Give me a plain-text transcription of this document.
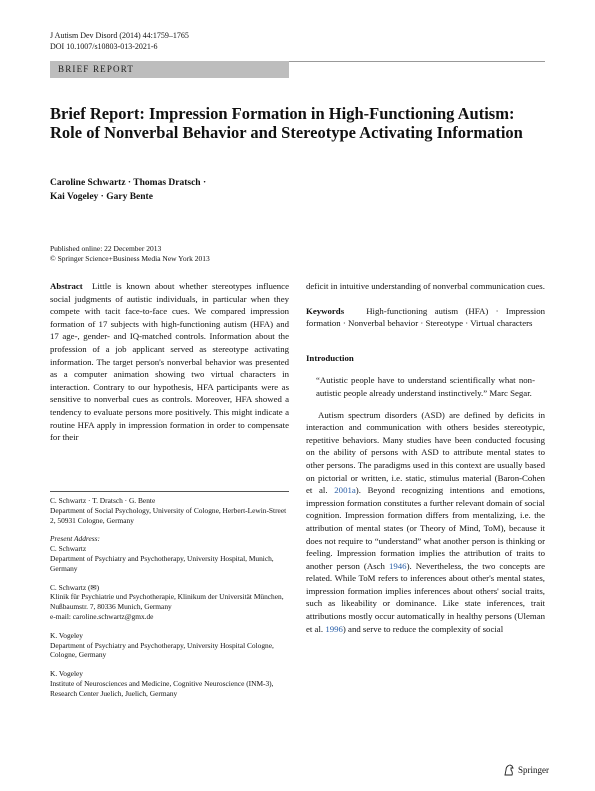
J Autism Dev Disord (2014) 44:1759–1765
DOI 10.1007/s10803-013-2021-6
BRIEF REPORT
Brief Report: Impression Formation in High-Functioning Autism: Role of Nonverbal Behavior and Stereotype Activating Information
Caroline Schwartz · Thomas Dratsch ·
Kai Vogeley · Gary Bente
Published online: 22 December 2013
© Springer Science+Business Media New York 2013

Abstract Little is known about whether stereotypes influence social judgments of autistic individuals, in particular when they compete with tacit face-to-face cues. We compared impression formation of 17 subjects with high-functioning autism (HFA) and 17 age-, gender- and IQ-matched controls. Information about the profession of a job applicant served as stereotype activating information. The target person's nonverbal behavior was presented as a computer animation showing two virtual characters in interaction. Contrary to our hypothesis, HFA participants were as sensitive to nonverbal cues as controls. Moreover, HFA showed a tendency to evaluate persons more positively. This might indicate a routine HFA apply in impression formation in order to compensate for their

C. Schwartz · T. Dratsch · G. Bente
Department of Social Psychology, University of Cologne, Herbert-Lewin-Street 2, 50931 Cologne, Germany

Present Address:
C. Schwartz
Department of Psychiatry and Psychotherapy, University Hospital, Munich, Germany

C. Schwartz (✉)
Klinik für Psychiatrie und Psychotherapie, Klinikum der Universität München, Nußbaumstr. 7, 80336 Munich, Germany
e-mail: caroline.schwartz@gmx.de

K. Vogeley
Department of Psychiatry and Psychotherapy, University Hospital Cologne, Cologne, Germany

K. Vogeley
Institute of Neurosciences and Medicine, Cognitive Neuroscience (INM-3), Research Center Juelich, Juelich, Germany

deficit in intuitive understanding of nonverbal communication cues.

Keywords	High-functioning autism (HFA) · Impression formation · Nonverbal behavior · Stereotype · Virtual characters

Introduction
“Autistic people have to understand scientifically what non-autistic people already understand instinctively.” Marc Segar.

Autism spectrum disorders (ASD) are defined by deficits in interaction and communication with others besides stereotypic, repetitive behaviors. Many studies have been conducted focusing on the ability of persons with ASD to attribute mental states to other persons. The paradigms used in this context are usually based on pictorial or written, i.e. static, stimulus material (Baron-Cohen et al. 2001a). Beyond recognizing intentions and emotions, impression formation constitutes a further relevant domain of social cognition. Impression formation differs from mentalizing, i.e. the attribution of mental states (or Theory of Mind, ToM), because it does not require to “understand” what another person is thinking or feeling. Impression formation implies the attribution of traits to another person (Asch 1946). Nevertheless, the two concepts are related. While ToM refers to inferences about other's mental states, impression formation implies inferences about others' social traits, such as likeability or dominance. Like state inferences, trait attributions mostly occur automatically in healthy persons (Uleman et al. 1996) and serve to reduce the complexity of social

Springer
